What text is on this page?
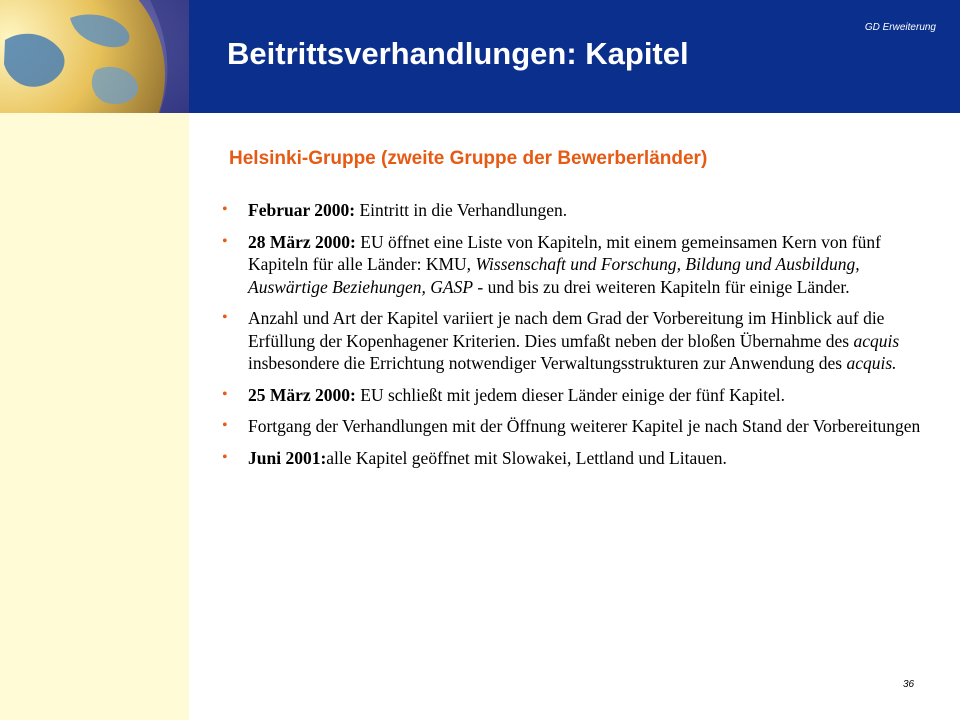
GD Erweiterung
Beitrittsverhandlungen: Kapitel
Helsinki-Gruppe (zweite Gruppe der Bewerberländer)
• Februar 2000: Eintritt in die Verhandlungen.
• 28 März 2000: EU öffnet eine Liste von Kapiteln, mit einem gemeinsamen Kern von fünf Kapiteln für alle Länder: KMU, Wissenschaft und Forschung, Bildung und Ausbildung, Auswärtige Beziehungen, GASP - und bis zu drei weiteren Kapiteln für einige Länder.
• Anzahl und Art der Kapitel variiert je nach dem Grad der Vorbereitung im Hinblick auf die Erfüllung der Kopenhagener Kriterien. Dies umfaßt neben der bloßen Übernahme des acquis insbesondere die Errichtung notwendiger Verwaltungsstrukturen zur Anwendung des acquis.
• 25 März 2000: EU schließt mit jedem dieser Länder einige der fünf Kapitel.
• Fortgang der Verhandlungen mit der Öffnung weiterer Kapitel je nach Stand der Vorbereitungen
• Juni 2001:alle Kapitel geöffnet mit Slowakei, Lettland und Litauen.
36
